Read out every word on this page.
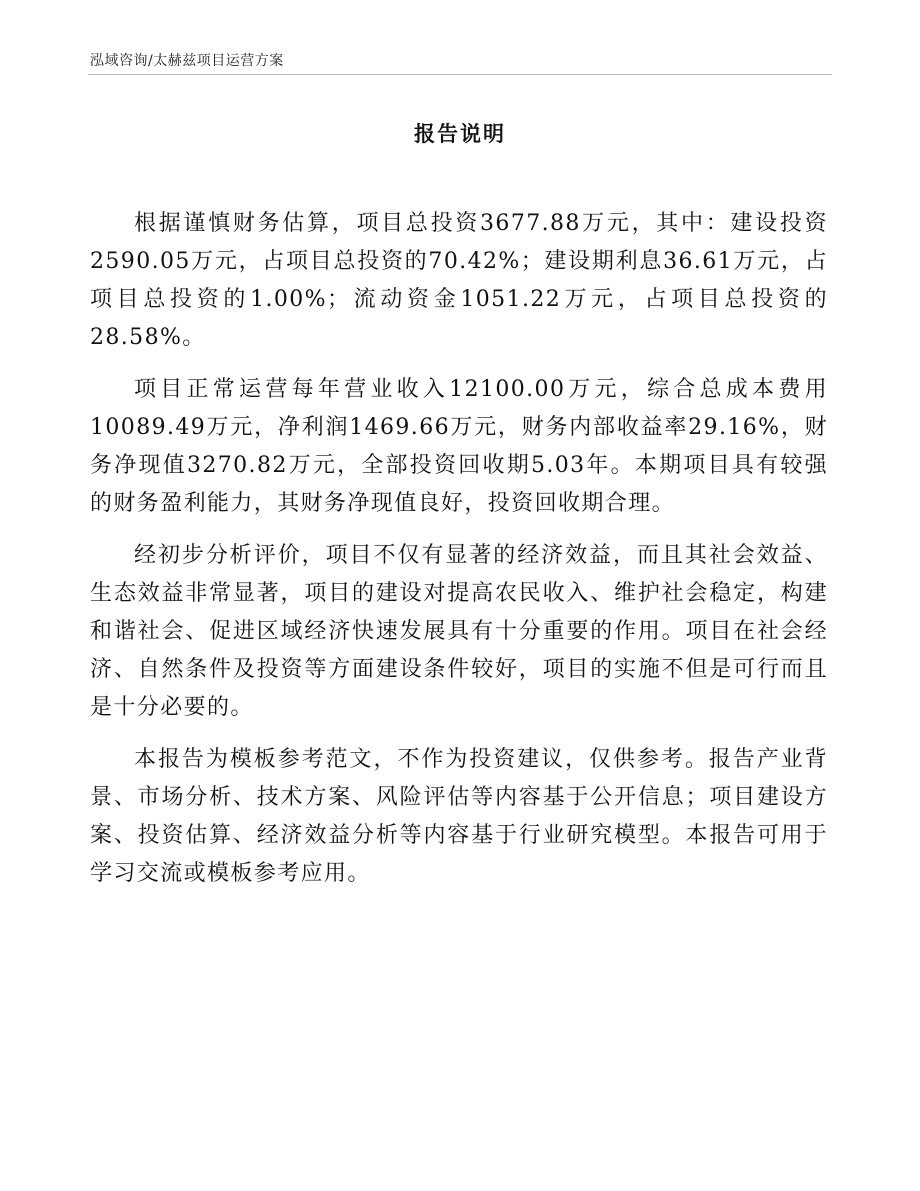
泓域咨询/太赫兹项目运营方案
报告说明

根据谨慎财务估算，项目总投资3677.88万元，其中：建设投资2590.05万元，占项目总投资的70.42%；建设期利息36.61万元，占项目总投资的1.00%；流动资金1051.22万元，占项目总投资的28.58%。

项目正常运营每年营业收入12100.00万元，综合总成本费用10089.49万元，净利润1469.66万元，财务内部收益率29.16%，财务净现值3270.82万元，全部投资回收期5.03年。本期项目具有较强的财务盈利能力，其财务净现值良好，投资回收期合理。

经初步分析评价，项目不仅有显著的经济效益，而且其社会效益、生态效益非常显著，项目的建设对提高农民收入、维护社会稳定，构建和谐社会、促进区域经济快速发展具有十分重要的作用。项目在社会经济、自然条件及投资等方面建设条件较好，项目的实施不但是可行而且是十分必要的。

本报告为模板参考范文，不作为投资建议，仅供参考。报告产业背景、市场分析、技术方案、风险评估等内容基于公开信息；项目建设方案、投资估算、经济效益分析等内容基于行业研究模型。本报告可用于学习交流或模板参考应用。
